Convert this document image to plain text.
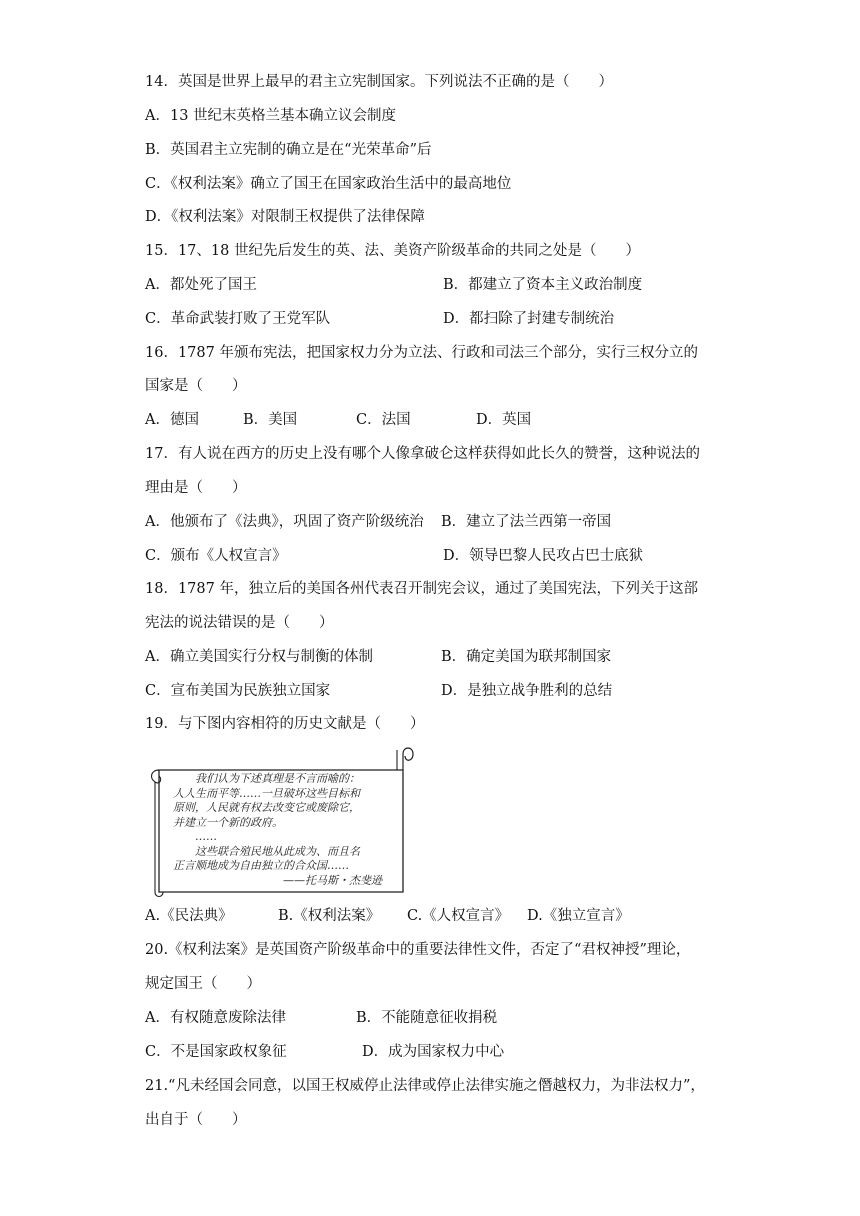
14．英国是世界上最早的君主立宪制国家。下列说法不正确的是（　　）
A．13 世纪末英格兰基本确立议会制度
B．英国君主立宪制的确立是在“光荣革命”后
C．《权利法案》确立了国王在国家政治生活中的最高地位
D．《权利法案》对限制王权提供了法律保障
15．17、18 世纪先后发生的英、法、美资产阶级革命的共同之处是（　　）
A．都处死了国王	B．都建立了资本主义政治制度
C．革命武装打败了王党军队	D．都扫除了封建专制统治
16．1787 年颁布宪法，把国家权力分为立法、行政和司法三个部分，实行三权分立的
国家是（　　）
A．德国	B．美国	C．法国	D．英国
17．有人说在西方的历史上没有哪个人像拿破仑这样获得如此长久的赞誉，这种说法的
理由是（　　）
A．他颁布了《法典》，巩固了资产阶级统治 B．建立了法兰西第一帝国
C．颁布《人权宣言》	D．领导巴黎人民攻占巴士底狱
18．1787 年，独立后的美国各州代表召开制宪会议，通过了美国宪法，下列关于这部
宪法的说法错误的是（　　）
A．确立美国实行分权与制衡的体制	B．确定美国为联邦制国家
C．宣布美国为民族独立国家	D．是独立战争胜利的总结
19．与下图内容相符的历史文献是（　　）
我们认为下述真理是不言而喻的：
人人生而平等……一旦破坏这些目标和
原则，人民就有权去改变它或废除它，
并建立一个新的政府。
……
这些联合殖民地从此成为、而且名
正言顺地成为自由独立的合众国……
——托马斯・杰斐逊
A.《民法典》	B.《权利法案》 C.《人权宣言》 D.《独立宣言》
20.《权利法案》是英国资产阶级革命中的重要法律性文件，否定了“君权神授”理论，
规定国王（　　）
A．有权随意废除法律	B．不能随意征收捐税
C．不是国家政权象征	D．成为国家权力中心
21.“凡未经国会同意，以国王权威停止法律或停止法律实施之僭越权力，为非法权力”，
出自于（　　）
